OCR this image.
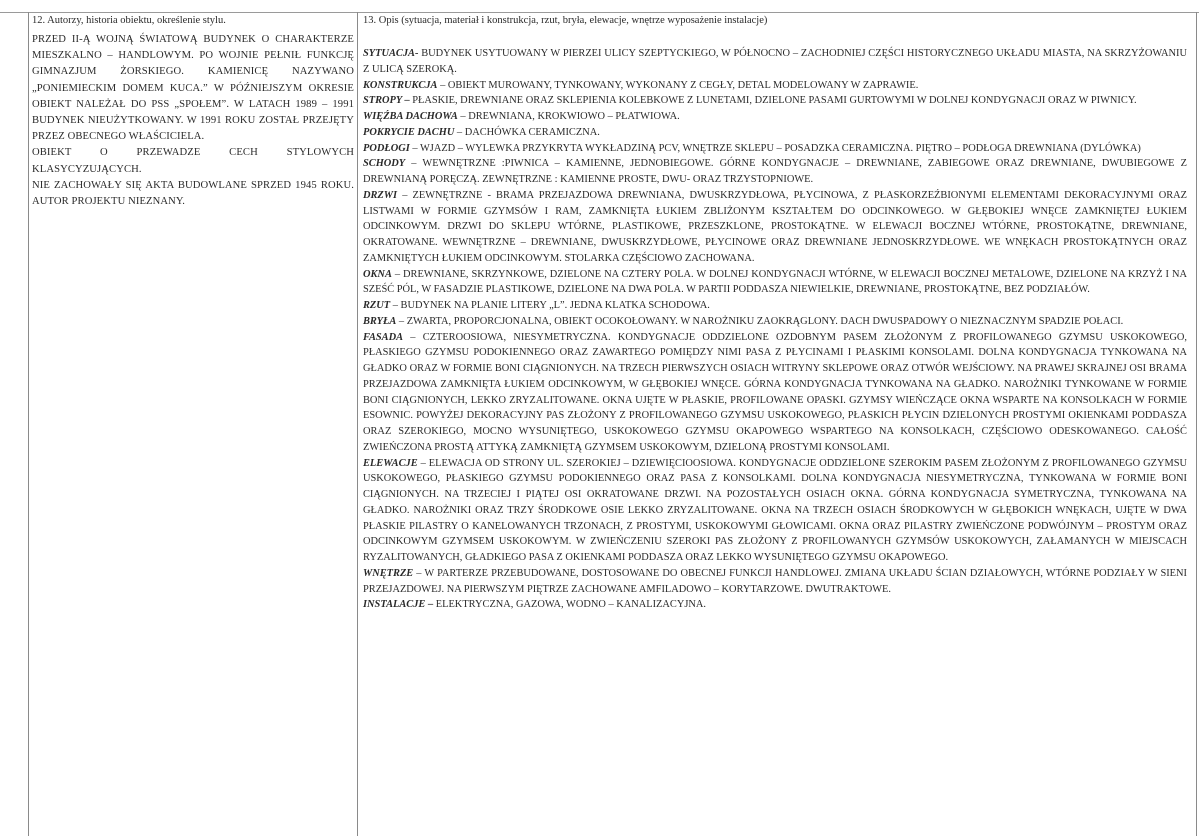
12. Autorzy, historia obiektu, określenie stylu.

PRZED II-Ą WOJNĄ ŚWIATOWĄ BUDYNEK O CHARAKTERZE MIESZKALNO – HANDLOWYM. PO WOJNIE PEŁNIŁ FUNKCJĘ GIMNAZJUM ŻORSKIEGO. KAMIENICĘ NAZYWANO „PONIEMIECKIM DOMEM KUCA.” W PÓŹNIEJSZYM OKRESIE OBIEKT NALEŻAŁ DO PSS „SPOŁEM”. W LATACH 1989 – 1991 BUDYNEK NIEUŻYTKOWANY. W 1991 ROKU ZOSTAŁ PRZEJĘTY PRZEZ OBECNEGO WŁAŚCICIELA.

OBIEKT O PRZEWADZE CECH STYLOWYCH KLASYCYZUJĄCYCH.

NIE ZACHOWAŁY SIĘ AKTA BUDOWLANE SPRZED 1945 ROKU. AUTOR PROJEKTU NIEZNANY.

13. Opis (sytuacja, materiał i konstrukcja, rzut, bryła, elewacje, wnętrze wyposażenie instalacje)

SYTUACJA- BUDYNEK USYTUOWANY W PIERZEI ULICY SZEPTYCKIEGO, W PÓŁNOCNO – ZACHODNIEJ CZĘŚCI HISTORYCZNEGO UKŁADU MIASTA, NA SKRZYŻOWANIU Z ULICĄ SZEROKĄ.

KONSTRUKCJA – OBIEKT MUROWANY, TYNKOWANY, WYKONANY Z CEGŁY, DETAL MODELOWANY W ZAPRAWIE.

STROPY – PŁASKIE, DREWNIANE ORAZ SKLEPIENIA KOLEBKOWE Z LUNETAMI, DZIELONE PASAMI GURTOWYMI W DOLNEJ KONDYGNACJI ORAZ W PIWNICY.

WIĘŹBA DACHOWA – DREWNIANA, KROKWIOWO – PŁATWIOWA.

POKRYCIE DACHU – DACHÓWKA CERAMICZNA.

PODŁOGI – WJAZD – WYLEWKA PRZYKRYTA WYKŁADZINĄ PCV, WNĘTRZE SKLEPU – POSADZKA CERAMICZNA. PIĘTRO – PODŁOGA DREWNIANA (DYLÓWKA)

SCHODY – WEWNĘTRZNE :PIWNICA – KAMIENNE, JEDNOBIEGOWE. GÓRNE KONDYGNACJE – DREWNIANE, ZABIEGOWE ORAZ DREWNIANE, DWUBIEGOWE Z DREWNIANĄ PORĘCZĄ. ZEWNĘTRZNE : KAMIENNE PROSTE, DWU- ORAZ TRZYSTOPNIOWE.

DRZWI – ZEWNĘTRZNE - BRAMA PRZEJAZDOWA DREWNIANA, DWUSKRZYDŁOWA, PŁYCINOWA, Z PŁASKORZEŹBIONYMI ELEMENTAMI DEKORACYJNYMI ORAZ LISTWAMI W FORMIE GZYMSÓW I RAM, ZAMKNIĘTA ŁUKIEM ZBLIŻONYM KSZTAŁTEM DO ODCINKOWEGO. W GŁĘBOKIEJ WNĘCE ZAMKNIĘTEJ ŁUKIEM ODCINKOWYM. DRZWI DO SKLEPU WTÓRNE, PLASTIKOWE, PRZESZKLONE, PROSTOKĄTNE. W ELEWACJI BOCZNEJ WTÓRNE, PROSTOKĄTNE, DREWNIANE, OKRATOWANE. WEWNĘTRZNE – DREWNIANE, DWUSKRZYDŁOWE, PŁYCINOWE ORAZ DREWNIANE JEDNOSKRZYDŁOWE. WE WNĘKACH PROSTOKĄTNYCH ORAZ ZAMKNIĘTYCH ŁUKIEM ODCINKOWYM. STOLARKA CZĘŚCIOWO ZACHOWANA.

OKNA – DREWNIANE, SKRZYNKOWE, DZIELONE NA CZTERY POLA. W DOLNEJ KONDYGNACJI WTÓRNE, W ELEWACJI BOCZNEJ METALOWE, DZIELONE NA KRZYŻ I NA SZEŚĆ PÓL, W FASADZIE PLASTIKOWE, DZIELONE NA DWA POLA. W PARTII PODDASZA NIEWIELKIE, DREWNIANE, PROSTOKĄTNE, BEZ PODZIAŁÓW.

RZUT – BUDYNEK NA PLANIE LITERY „L”. JEDNA KLATKA SCHODOWA.

BRYŁA – ZWARTA, PROPORCJONALNA, OBIEKT OCOKOŁOWANY. W NAROŻNIKU ZAOKRĄGLONY. DACH DWUSPADOWY O NIEZNACZNYM SPADZIE POŁACI.

FASADA – CZTEROOSIOWA, NIESYMETRYCZNA. KONDYGNACJE ODDZIELONE OZDOBNYM PASEM ZŁOŻONYM Z PROFILOWANEGO GZYMSU USKOKOWEGO, PŁASKIEGO GZYMSU PODOKIENNEGO ORAZ ZAWARTEGO POMIĘDZY NIMI PASA Z PŁYCINAMI I PŁASKIMI KONSOLAMI. DOLNA KONDYGNACJA TYNKOWANA NA GŁADKO ORAZ W FORMIE BONI CIĄGNIONYCH. NA TRZECH PIERWSZYCH OSIACH WITRYNY SKLEPOWE ORAZ OTWÓR WEJŚCIOWY. NA PRAWEJ SKRAJNEJ OSI BRAMA PRZEJAZDOWA ZAMKNIĘTA ŁUKIEM ODCINKOWYM, W GŁĘBOKIEJ WNĘCE. GÓRNA KONDYGNACJA TYNKOWANA NA GŁADKO. NAROŻNIKI TYNKOWANE W FORMIE BONI CIĄGNIONYCH, LEKKO ZRYZALITOWANE. OKNA UJĘTE W PŁASKIE, PROFILOWANE OPASKI. GZYMSY WIEŃCZĄCE OKNA WSPARTE NA KONSOLKACH W FORMIE ESOWNIC. POWYŻEJ DEKORACYJNY PAS ZŁOŻONY Z PROFILOWANEGO GZYMSU USKOKOWEGO, PŁASKICH PŁYCIN DZIELONYCH PROSTYMI OKIENKAMI PODDASZA ORAZ SZEROKIEGO, MOCNO WYSUNIĘTEGO, USKOKOWEGO GZYMSU OKAPOWEGO WSPARTEGO NA KONSOLKACH, CZĘŚCIOWO ODESKOWANEGO. CAŁOŚĆ ZWIEŃCZONA PROSTĄ ATTYKĄ ZAMKNIĘTĄ GZYMSEM USKOKOWYM, DZIELONĄ PROSTYMI KONSOLAMI.

ELEWACJE – ELEWACJA OD STRONY UL. SZEROKIEJ – DZIEWIĘCIOOSIOWA. KONDYGNACJE ODDZIELONE SZEROKIM PASEM ZŁOŻONYM Z PROFILOWANEGO GZYMSU USKOKOWEGO, PŁASKIEGO GZYMSU PODOKIENNEGO ORAZ PASA Z KONSOLKAMI. DOLNA KONDYGNACJA NIESYMETRYCZNA, TYNKOWANA W FORMIE BONI CIĄGNIONYCH. NA TRZECIEJ I PIĄTEJ OSI OKRATOWANE DRZWI. NA POZOSTAŁYCH OSIACH OKNA. GÓRNA KONDYGNACJA SYMETRYCZNA, TYNKOWANA NA GŁADKO. NAROŻNIKI ORAZ TRZY ŚRODKOWE OSIE LEKKO ZRYZALITOWANE. OKNA NA TRZECH OSIACH ŚRODKOWYCH W GŁĘBOKICH WNĘKACH, UJĘTE W DWA PŁASKIE PILASTRY O KANELOWANYCH TRZONACH, Z PROSTYMI, USKOKOWYMI GŁOWICAMI. OKNA ORAZ PILASTRY ZWIEŃCZONE PODWÓJNYM – PROSTYM ORAZ ODCINKOWYM GZYMSEM USKOKOWYM. W ZWIEŃCZENIU SZEROKI PAS ZŁOŻONY Z PROFILOWANYCH GZYMSÓW USKOKOWYCH, ZAŁAMANYCH W MIEJSCACH RYZALITOWANYCH, GŁADKIEGO PASA Z OKIENKAMI PODDASZA ORAZ LEKKO WYSUNIĘTEGO GZYMSU OKAPOWEGO.

WNĘTRZE – W PARTERZE PRZEBUDOWANE, DOSTOSOWANE DO OBECNEJ FUNKCJI HANDLOWEJ. ZMIANA UKŁADU ŚCIAN DZIAŁOWYCH, WTÓRNE PODZIAŁY W SIENI PRZEJAZDOWEJ. NA PIERWSZYM PIĘTRZE ZACHOWANE AMFILADOWO – KORYTARZOWE. DWUTRAKTOWE.

INSTALACJE – ELEKTRYCZNA, GAZOWA, WODNO – KANALIZACYJNA.
